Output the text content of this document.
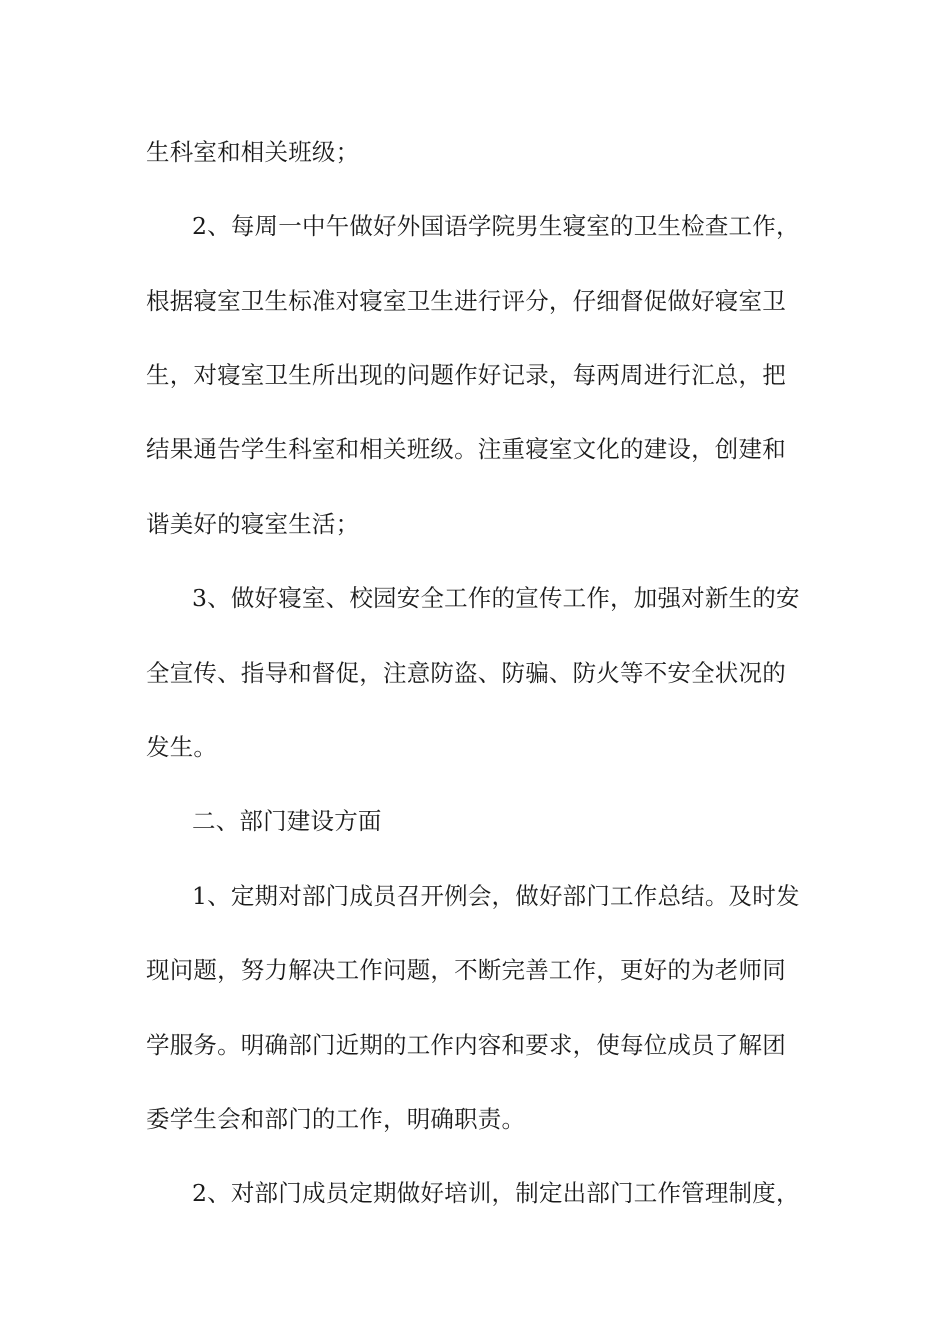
生科室和相关班级；
2、每周一中午做好外国语学院男生寝室的卫生检查工作，
根据寝室卫生标准对寝室卫生进行评分，仔细督促做好寝室卫
生，对寝室卫生所出现的问题作好记录，每两周进行汇总，把
结果通告学生科室和相关班级。注重寝室文化的建设，创建和
谐美好的寝室生活；
3、做好寝室、校园安全工作的宣传工作，加强对新生的安
全宣传、指导和督促，注意防盗、防骗、防火等不安全状况的
发生。
二、部门建设方面
1、定期对部门成员召开例会，做好部门工作总结。及时发
现问题，努力解决工作问题，不断完善工作，更好的为老师同
学服务。明确部门近期的工作内容和要求，使每位成员了解团
委学生会和部门的工作，明确职责。
2、对部门成员定期做好培训，制定出部门工作管理制度，
